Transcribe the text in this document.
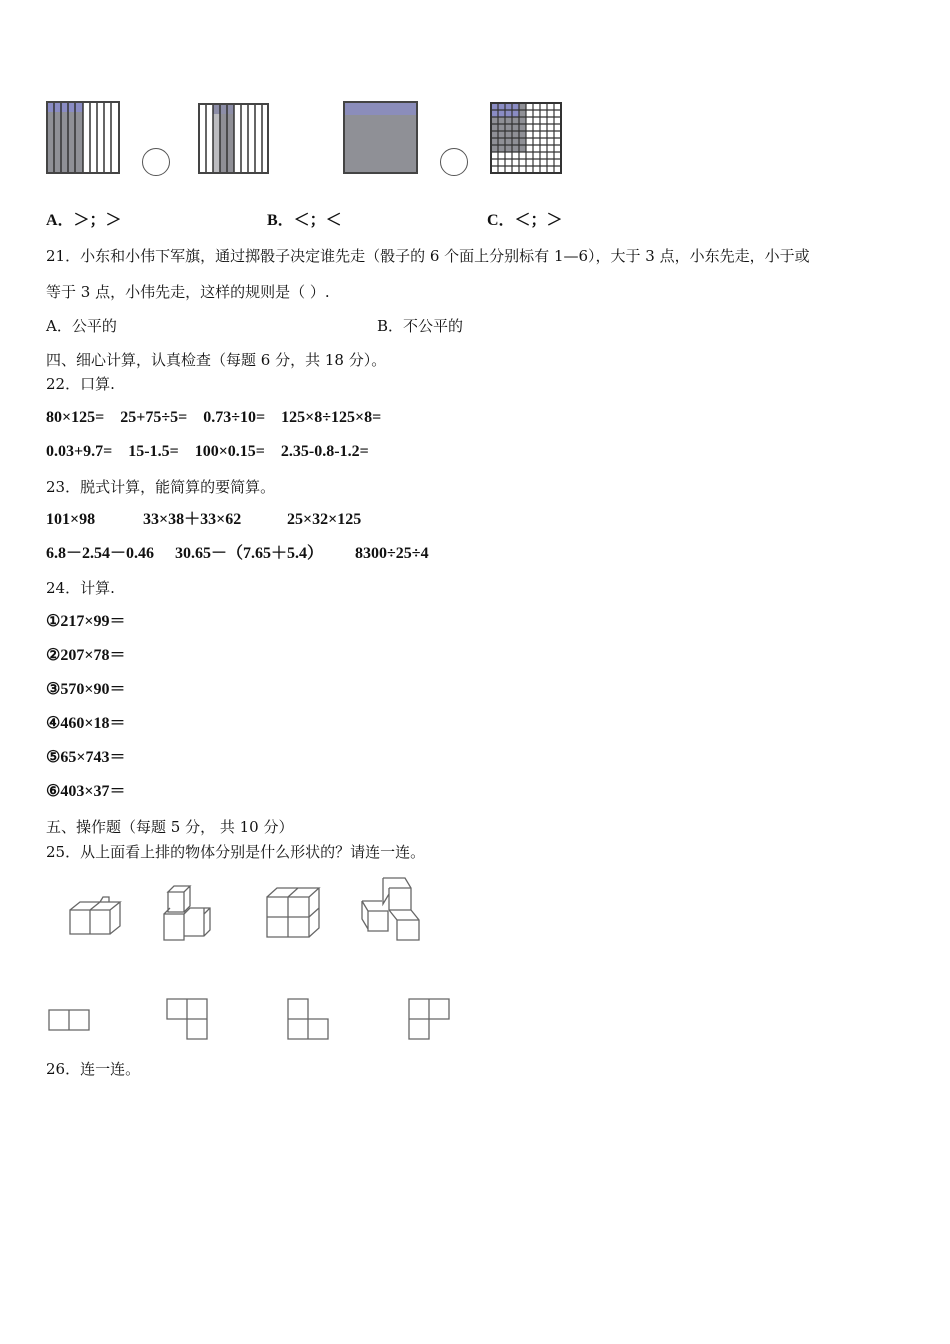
A．＞；＞	B．＜；＜	C．＜；＞
21．小东和小伟下军旗，通过掷骰子决定谁先走（骰子的 6 个面上分别标有 1—6），大于 3 点，小东先走，小于或
等于 3 点，小伟先走，这样的规则是（ ）.
A．公平的	B．不公平的
四、细心计算，认真检查（每题 6 分，共 18 分）。
22．口算.
80×125= 25+75÷5= 0.73÷10= 125×8÷125×8=
0.03+9.7= 15-1.5= 100×0.15= 2.35-0.8-1.2=
23．脱式计算，能简算的要简算。
101×98	33×38＋33×62	25×32×125
6.8－2.54－0.46 30.65－（7.65＋5.4） 8300÷25÷4
24．计算.
①217×99＝
②207×78＝
③570×90＝
④460×18＝
⑤65×743＝
⑥403×37＝
五、操作题（每题 5 分， 共 10 分）
25．从上面看上排的物体分别是什么形状的？请连一连。
26．连一连。
